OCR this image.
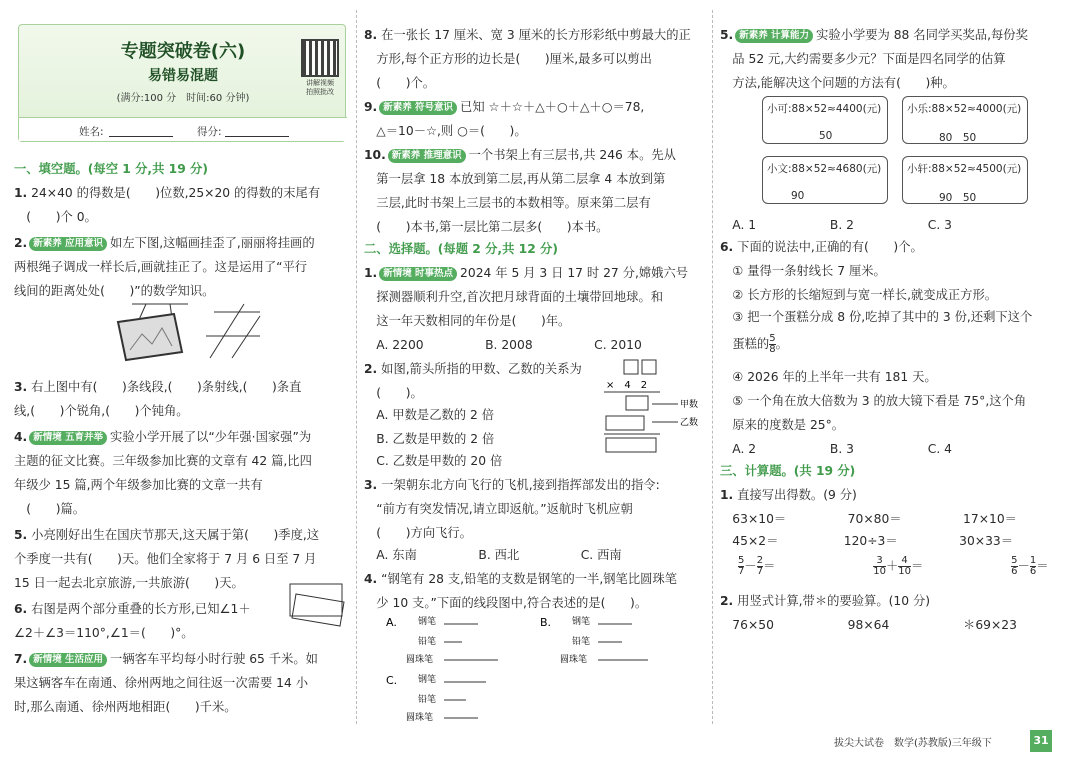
专题突破卷(六)
易错易混题
(满分:100 分　时间:60 分钟)
讲解视频
拍照批改
姓名:	得分:
一、填空题。(每空 1 分,共 19 分)
1. 24×40 的得数是(　　)位数,25×20 的得数的末尾有
　(　　)个 0。
2. 新素养 应用意识 如左下图,这幅画挂歪了,丽丽将挂画的
两根绳子调成一样长后,画就挂正了。这是运用了“平行
线间的距离处处(　　)”的数学知识。
3. 右上图中有(　　)条线段,(　　)条射线,(　　)条直
线,(　　)个锐角,(　　)个钝角。
4. 新情境 五育并举 实验小学开展了以“少年强·国家强”为
主题的征文比赛。三年级参加比赛的文章有 42 篇,比四
年级少 15 篇,两个年级参加比赛的文章一共有
　(　　)篇。
5. 小亮刚好出生在国庆节那天,这天属于第(　　)季度,这
个季度一共有(　　)天。他们全家将于 7 月 6 日至 7 月
15 日一起去北京旅游,一共旅游(　　)天。
6. 右图是两个部分重叠的长方形,已知∠1＋
∠2＋∠3＝110°,∠1＝(　　)°。
7. 新情境 生活应用 一辆客车平均每小时行驶 65 千米。如
果这辆客车在南通、徐州两地之间往返一次需要 14 小
时,那么南通、徐州两地相距(　　)千米。
8. 在一张长 17 厘米、宽 3 厘米的长方形彩纸中剪最大的正
　方形,每个正方形的边长是(　　)厘米,最多可以剪出
　(　　)个。
9. 新素养 符号意识 已知 ☆＋☆＋△＋○＋△＋○＝78,
　△＝10－☆,则 ○＝(　　)。
10. 新素养 推理意识 一个书架上有三层书,共 246 本。先从
　第一层拿 18 本放到第二层,再从第二层拿 4 本放到第
　三层,此时书架上三层书的本数相等。原来第二层有
　(　　)本书,第一层比第二层多(　　)本书。
二、选择题。(每题 2 分,共 12 分)
1. 新情境 时事热点 2024 年 5 月 3 日 17 时 27 分,嫦娥六号
　探测器顺利升空,首次把月球背面的土壤带回地球。和
　这一年天数相同的年份是(　　)年。
　A. 2200　　　　　B. 2008　　　　　C. 2010
2. 如图,箭头所指的甲数、乙数的关系为
　(　　)。
　A. 甲数是乙数的 2 倍
　B. 乙数是甲数的 2 倍
　C. 乙数是甲数的 20 倍
3. 一架朝东北方向飞行的飞机,接到指挥部发出的指令:
　“前方有突发情况,请立即返航。”返航时飞机应朝
　(　　)方向飞行。
　A. 东南　　　　　B. 西北　　　　　C. 西南
4. “钢笔有 28 支,铅笔的支数是钢笔的一半,钢笔比圆珠笔
　少 10 支。”下面的线段图中,符合表述的是(　　)。
×　4　2
甲数
乙数
A. 钢笔
铅笔
圆珠笔
B. 钢笔
铅笔
圆珠笔
C. 钢笔
铅笔
圆珠笔
5. 新素养 计算能力 实验小学要为 88 名同学买奖品,每份奖
　品 52 元,大约需要多少元？下面是四名同学的估算
　方法,能解决这个问题的方法有(　　)种。
　A. 1　　　　　　B. 2　　　　　　C. 3
6. 下面的说法中,正确的有(　　)个。
　① 量得一条射线长 7 厘米。
　② 长方形的长缩短到与宽一样长,就变成正方形。
　③ 把一个蛋糕分成 8 份,吃掉了其中的 3 份,还剩下这个
　④ 2026 年的上半年一共有 181 天。
　⑤ 一个角在放大倍数为 3 的放大镜下看是 75°,这个角
　原来的度数是 25°。
　A. 2　　　　　　B. 3　　　　　　C. 4
三、计算题。(共 19 分)
1. 直接写出得数。(9 分)
　63×10＝　　　　　70×80＝　　　　　17×10＝
　45×2＝　　　　　 120÷3＝　　　　　30×33＝
2. 用竖式计算,带＊的要验算。(10 分)
　76×50　　　　　　98×64　　　　　　＊69×23
小可:88×52≈4400(元)
50
小乐:88×52≈4000(元)
80　50
小文:88×52≈4680(元)
90
小轩:88×52≈4500(元)
90　50
　蛋糕的 $\frac{5}{8}$ 。
$\frac{5}{7} - \frac{2}{7}$ ＝	$\frac{3}{10} + \frac{4}{10}$ ＝	$\frac{5}{6} - \frac{1}{6}$ ＝
拔尖大试卷　数学(苏教版)三年级下	31
